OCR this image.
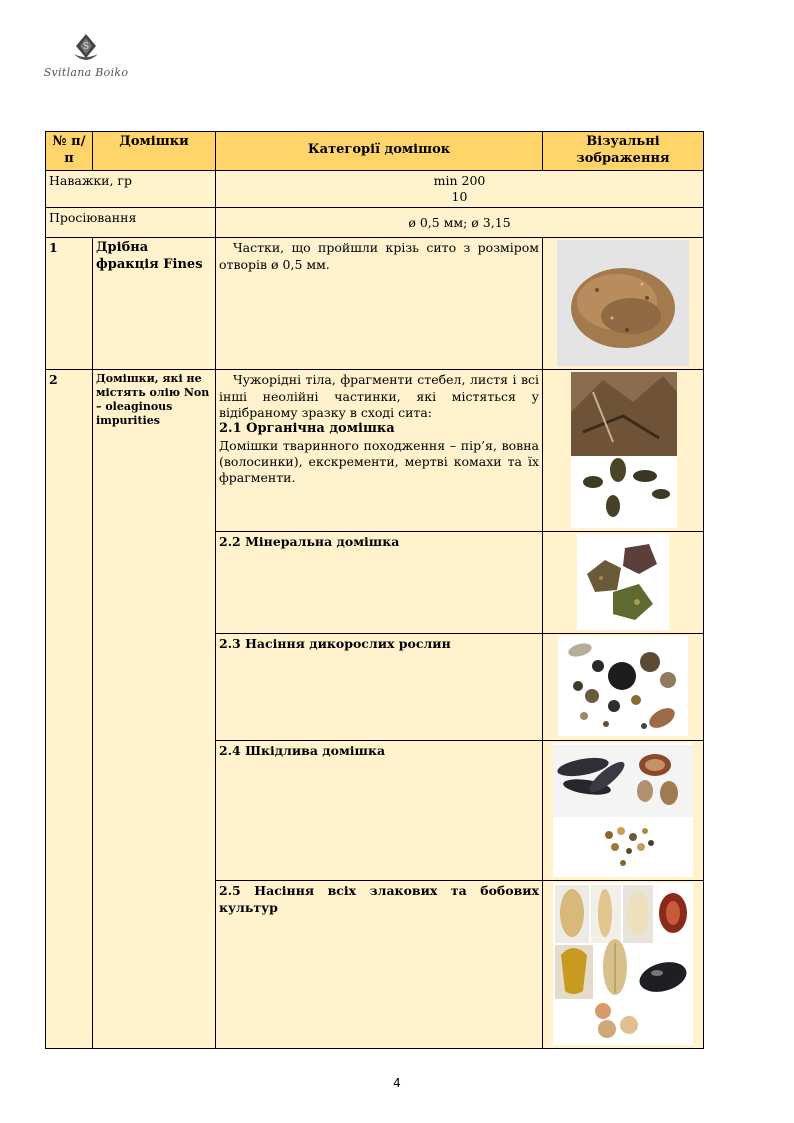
S
Svitlana Boiko
№ п/п	Домішки	Категорії домішок	Візуальні зображення
Наважки, гр		min 200
10	

Просіювання		ø 0,5 мм; ø 3,15	
1	Дрібна фракція Fines	Частки, що пройшли крізь сито з розміром отворів ø 0,5 мм.	

2	Домішки, які не містять олію Non – oleaginous impurities	Чужорідні тіла, фрагменти стебел, листя і всі інші неолійні частинки, які містяться у відібраному зразку в сході сита:
2.1 Органічна домішка
Домішки тваринного походження – пір’я, вовна (волосинки), екскременти, мертві комахи та їх фрагменти.

		2.2 Мінеральна домішка	

		2.3 Насіння дикорослих рослин	

		2.4 Шкідлива домішка	

		2.5 Насіння всіх злакових та бобових культур	
4
